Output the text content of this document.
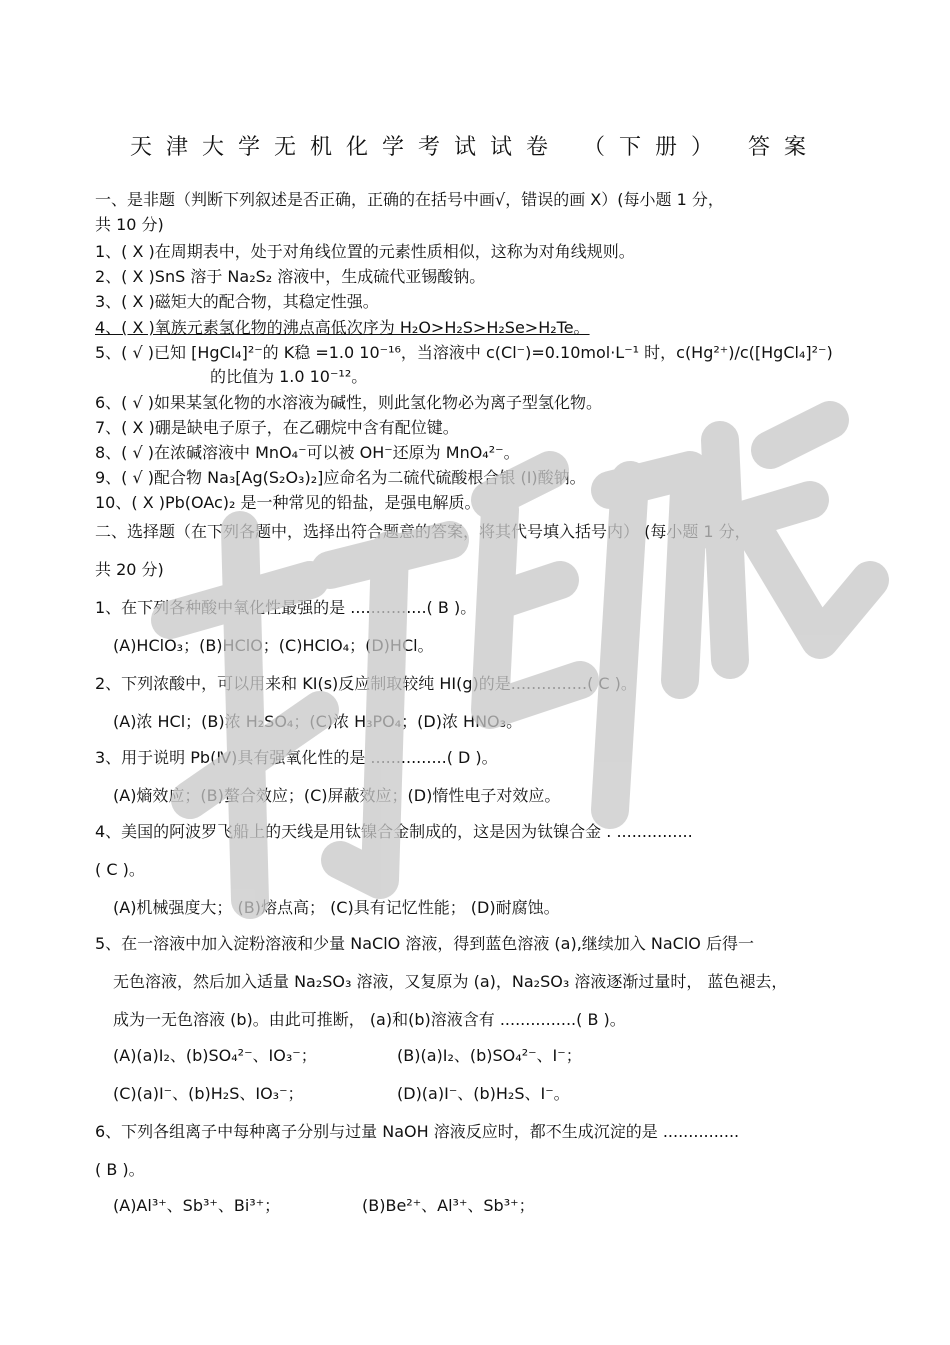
天津大学无机化学考试试卷 （下册） 答案
一、是非题（判断下列叙述是否正确，正确的在括号中画√，错误的画 X）(每小题 1 分，
共 10 分)
1、( X )在周期表中，处于对角线位置的元素性质相似，这称为对角线规则。
2、( X )SnS 溶于 Na₂S₂ 溶液中，生成硫代亚锡酸钠。
3、( X )磁矩大的配合物，其稳定性强。
4、( X )氧族元素氢化物的沸点高低次序为 H₂O>H₂S>H₂Se>H₂Te。
5、( √ )已知 [HgCl₄]²⁻的 K稳 =1.0 10⁻¹⁶，当溶液中 c(Cl⁻)=0.10mol·L⁻¹ 时，c(Hg²⁺)/c([HgCl₄]²⁻)
的比值为 1.0 10⁻¹²。
6、( √ )如果某氢化物的水溶液为碱性，则此氢化物必为离子型氢化物。
7、( X )硼是缺电子原子，在乙硼烷中含有配位键。
8、( √ )在浓碱溶液中 MnO₄⁻可以被 OH⁻还原为 MnO₄²⁻。
9、( √ )配合物 Na₃[Ag(S₂O₃)₂]应命名为二硫代硫酸根合银 (Ⅰ)酸钠。
10、( X )Pb(OAc)₂ 是一种常见的铅盐，是强电解质。
二、选择题（在下列各题中，选择出符合题意的答案，将其代号填入括号内） (每小题 1 分，
共 20 分)
1、在下列各种酸中氧化性最强的是 ...............( B )。
(A)HClO₃；(B)HClO；(C)HClO₄；(D)HCl。
2、下列浓酸中，可以用来和 KI(s)反应制取较纯 HI(g)的是...............( C )。
(A)浓 HCl；(B)浓 H₂SO₄；(C)浓 H₃PO₄；(D)浓 HNO₃。
3、用于说明 Pb(Ⅳ)具有强氧化性的是 ...............( D )。
(A)熵效应；(B)螯合效应；(C)屏蔽效应；(D)惰性电子对效应。
4、美国的阿波罗飞船上的天线是用钛镍合金制成的，这是因为钛镍合金 . ...............
( C )。
(A)机械强度大； (B)熔点高； (C)具有记忆性能； (D)耐腐蚀。
5、在一溶液中加入淀粉溶液和少量 NaClO 溶液，得到蓝色溶液 (a),继续加入 NaClO 后得一
无色溶液，然后加入适量 Na₂SO₃ 溶液，又复原为 (a)，Na₂SO₃ 溶液逐渐过量时， 蓝色褪去，
成为一无色溶液 (b)。由此可推断， (a)和(b)溶液含有 ...............( B )。
(A)(a)I₂、(b)SO₄²⁻、IO₃⁻；	(B)(a)I₂、(b)SO₄²⁻、I⁻；
(C)(a)I⁻、(b)H₂S、IO₃⁻；	(D)(a)I⁻、(b)H₂S、I⁻。
6、下列各组离子中每种离子分别与过量 NaOH 溶液反应时，都不生成沉淀的是 ...............
( B )。
(A)Al³⁺、Sb³⁺、Bi³⁺；	(B)Be²⁺、Al³⁺、Sb³⁺；
